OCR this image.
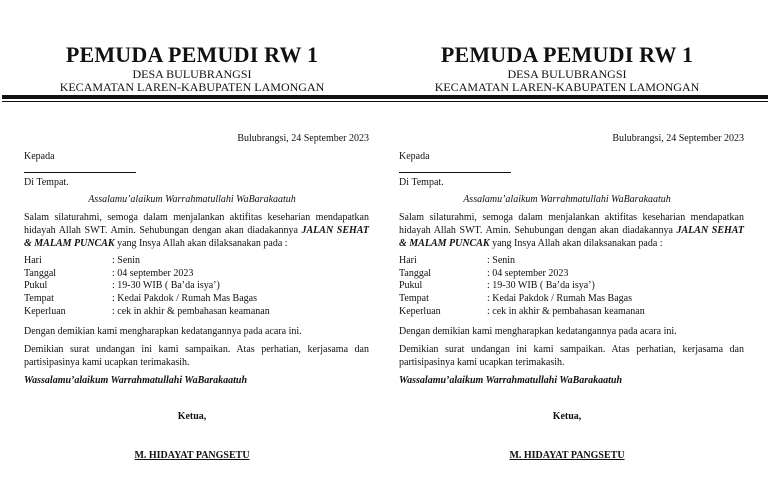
PEMUDA PEMUDI RW 1
DESA BULUBRANGSI
KECAMATAN LAREN-KABUPATEN LAMONGAN

Bulubrangsi, 24 September 2023

Kepada

Di Tempat.

Assalamu’alaikum Warrahmatullahi WaBarakaatuh

Salam silaturahmi, semoga dalam menjalankan aktifitas keseharian mendapatkan hidayah Allah SWT. Amin. Sehubungan dengan akan diadakannya JALAN SEHAT & MALAM PUNCAK yang Insya Allah akan dilaksanakan pada :

Hari	: Senin
Tanggal	: 04 september 2023
Pukul	: 19-30 WIB ( Ba’da isya’)
Tempat	: Kedai Pakdok / Rumah Mas Bagas
Keperluan	: cek in akhir & pembahasan keamanan

Dengan demikian kami mengharapkan kedatangannya pada acara ini.

Demikian surat undangan ini kami sampaikan. Atas perhatian, kerjasama dan partisipasinya kami ucapkan terimakasih.

Wassalamu’alaikum Warrahmatullahi WaBarakaatuh

Ketua,

M. HIDAYAT PANGSETU

PEMUDA PEMUDI RW 1
DESA BULUBRANGSI
KECAMATAN LAREN-KABUPATEN LAMONGAN

Bulubrangsi, 24 September 2023

Kepada

Di Tempat.

Assalamu’alaikum Warrahmatullahi WaBarakaatuh

Salam silaturahmi, semoga dalam menjalankan aktifitas keseharian mendapatkan hidayah Allah SWT. Amin. Sehubungan dengan akan diadakannya JALAN SEHAT & MALAM PUNCAK yang Insya Allah akan dilaksanakan pada :

Hari	: Senin
Tanggal	: 04 september 2023
Pukul	: 19-30 WIB ( Ba’da isya’)
Tempat	: Kedai Pakdok / Rumah Mas Bagas
Keperluan	: cek in akhir & pembahasan keamanan

Dengan demikian kami mengharapkan kedatangannya pada acara ini.

Demikian surat undangan ini kami sampaikan. Atas perhatian, kerjasama dan partisipasinya kami ucapkan terimakasih.

Wassalamu’alaikum Warrahmatullahi WaBarakaatuh

Ketua,

M. HIDAYAT PANGSETU
